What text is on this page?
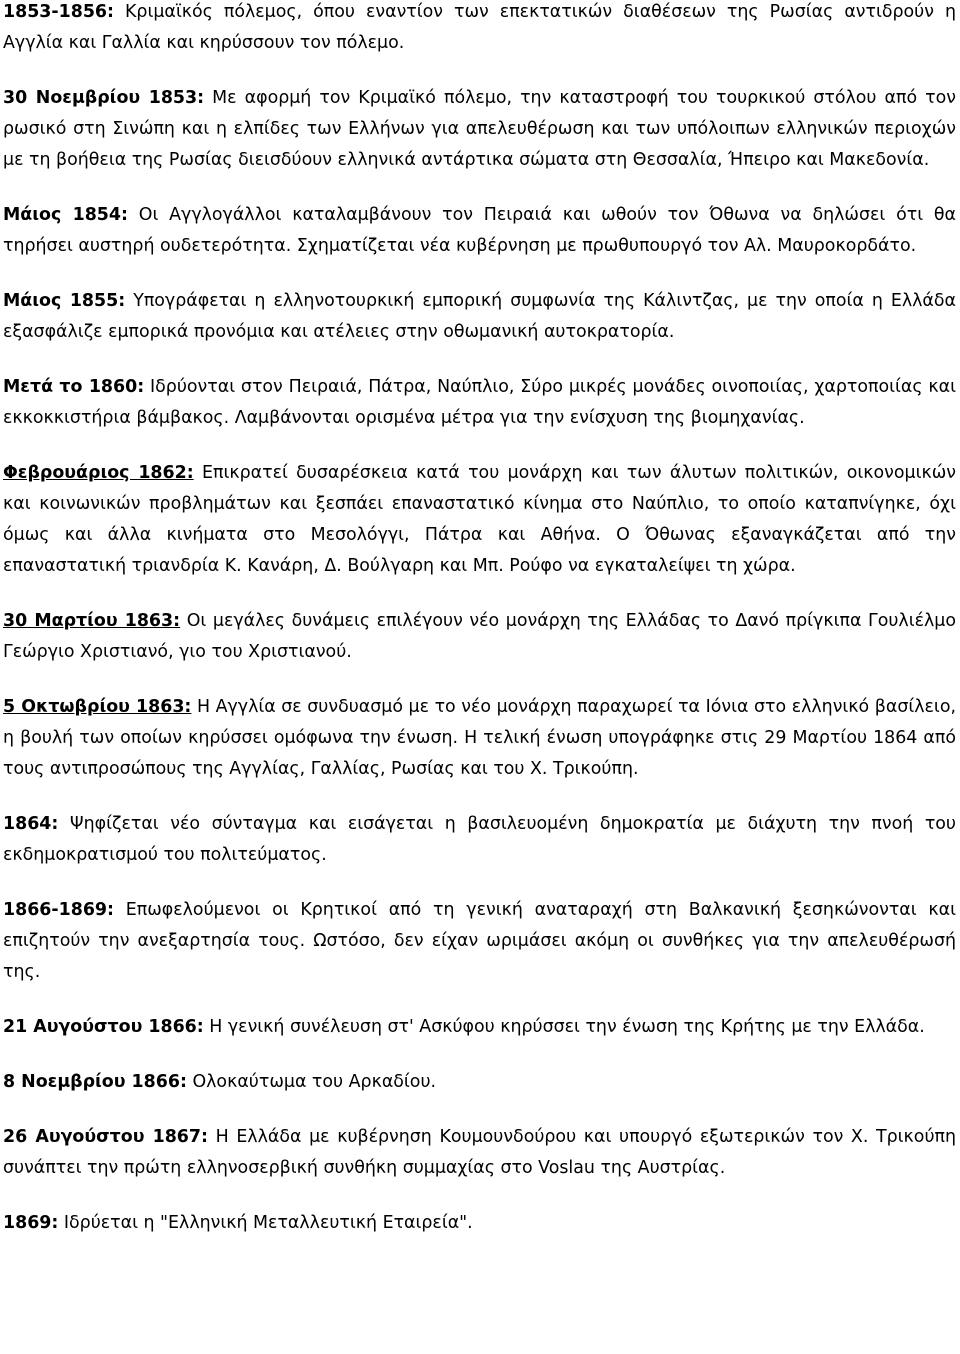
1853-1856: Κριμαϊκός πόλεμος, όπου εναντίον των επεκτατικών διαθέσεων της Ρωσίας αντιδρούν η Αγγλία και Γαλλία και κηρύσσουν τον πόλεμο.

30 Νοεμβρίου 1853: Με αφορμή τον Κριμαϊκό πόλεμο, την καταστροφή του τουρκικού στόλου από τον ρωσικό στη Σινώπη και η ελπίδες των Ελλήνων για απελευθέρωση και των υπόλοιπων ελληνικών περιοχών με τη βοήθεια της Ρωσίας διεισδύουν ελληνικά αντάρτικα σώματα στη Θεσσαλία, Ήπειρο και Μακεδονία.

Μάιος 1854: Οι Αγγλογάλλοι καταλαμβάνουν τον Πειραιά και ωθούν τον Όθωνα να δηλώσει ότι θα τηρήσει αυστηρή ουδετερότητα. Σχηματίζεται νέα κυβέρνηση με πρωθυπουργό τον Αλ. Μαυροκορδάτο.

Μάιος 1855: Υπογράφεται η ελληνοτουρκική εμπορική συμφωνία της Κάλιντζας, με την οποία η Ελλάδα εξασφάλιζε εμπορικά προνόμια και ατέλειες στην οθωμανική αυτοκρατορία.

Μετά το 1860: Ιδρύονται στον Πειραιά, Πάτρα, Ναύπλιο, Σύρο μικρές μονάδες οινοποιίας, χαρτοποιίας και εκκοκκιστήρια βάμβακος. Λαμβάνονται ορισμένα μέτρα για την ενίσχυση της βιομηχανίας.

Φεβρουάριος 1862: Επικρατεί δυσαρέσκεια κατά του μονάρχη και των άλυτων πολιτικών, οικονομικών και κοινωνικών προβλημάτων και ξεσπάει επαναστατικό κίνημα στο Ναύπλιο, το οποίο καταπνίγηκε, όχι όμως και άλλα κινήματα στο Μεσολόγγι, Πάτρα και Αθήνα. Ο Όθωνας εξαναγκάζεται από την επαναστατική τριανδρία Κ. Κανάρη, Δ. Βούλγαρη και Μπ. Ρούφο να εγκαταλείψει τη χώρα.

30 Μαρτίου 1863: Οι μεγάλες δυνάμεις επιλέγουν νέο μονάρχη της Ελλάδας το Δανό πρίγκιπα Γουλιέλμο Γεώργιο Χριστιανό, γιο του Χριστιανού.

5 Οκτωβρίου 1863: Η Αγγλία σε συνδυασμό με το νέο μονάρχη παραχωρεί τα Ιόνια στο ελληνικό βασίλειο, η βουλή των οποίων κηρύσσει ομόφωνα την ένωση. Η τελική ένωση υπογράφηκε στις 29 Μαρτίου 1864 από τους αντιπροσώπους της Αγγλίας, Γαλλίας, Ρωσίας και του Χ. Τρικούπη.

1864: Ψηφίζεται νέο σύνταγμα και εισάγεται η βασιλευομένη δημοκρατία με διάχυτη την πνοή του εκδημοκρατισμού του πολιτεύματος.

1866-1869: Επωφελούμενοι οι Κρητικοί από τη γενική αναταραχή στη Βαλκανική ξεσηκώνονται και επιζητούν την ανεξαρτησία τους. Ωστόσο, δεν είχαν ωριμάσει ακόμη οι συνθήκες για την απελευθέρωσή της.

21 Αυγούστου 1866: Η γενική συνέλευση στ' Ασκύφου κηρύσσει την ένωση της Κρήτης με την Ελλάδα.

8 Νοεμβρίου 1866: Ολοκαύτωμα του Αρκαδίου.

26 Αυγούστου 1867: Η Ελλάδα με κυβέρνηση Κουμουνδούρου και υπουργό εξωτερικών τον Χ. Τρικούπη συνάπτει την πρώτη ελληνοσερβική συνθήκη συμμαχίας στο Voslau της Αυστρίας.

1869: Ιδρύεται η "Ελληνική Μεταλλευτική Εταιρεία".
